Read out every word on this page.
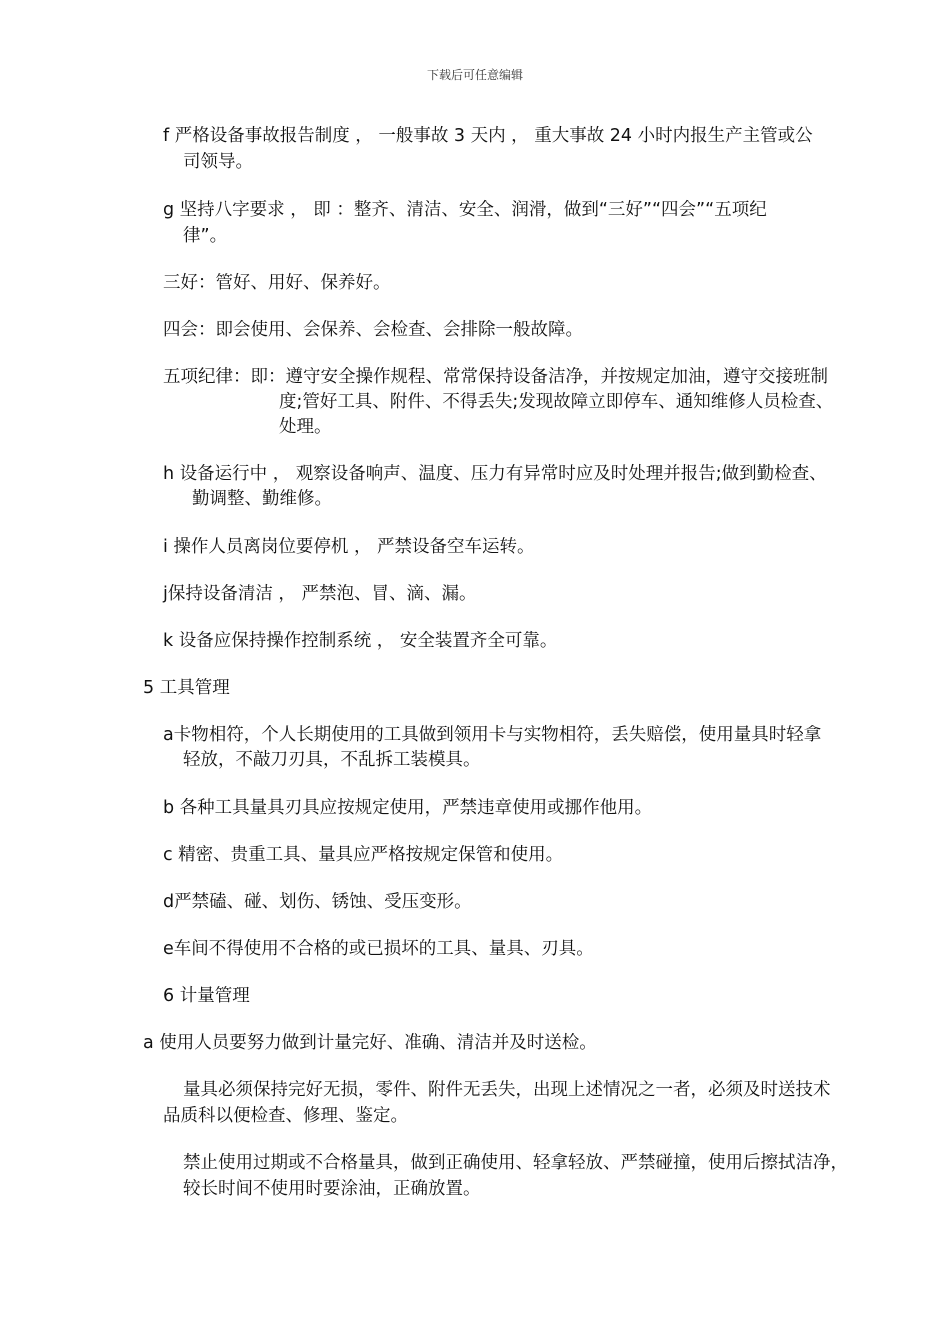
下载后可任意编辑
f 严格设备事故报告制度 ， 一般事故 3 天内 ， 重大事故 24 小时内报生产主管或公
司领导。
g 坚持八字要求 ， 即 ：整齐、清洁、安全、润滑，做到“三好”“四会”“五项纪
律”。
三好：管好、用好、保养好。
四会：即会使用、会保养、会检查、会排除一般故障。
五项纪律：即：遵守安全操作规程、常常保持设备洁净，并按规定加油，遵守交接班制
度;管好工具、附件、不得丢失;发现故障立即停车、通知维修人员检查、
处理。
h 设备运行中 ， 观察设备响声、温度、压力有异常时应及时处理并报告;做到勤检查、
勤调整、勤维修。
i 操作人员离岗位要停机 ， 严禁设备空车运转。
j保持设备清洁 ， 严禁泡、冒、滴、漏。
k 设备应保持操作控制系统 ， 安全装置齐全可靠。
5 工具管理
a卡物相符，个人长期使用的工具做到领用卡与实物相符，丢失赔偿，使用量具时轻拿
轻放，不敲刀刃具，不乱拆工装模具。
b 各种工具量具刃具应按规定使用，严禁违章使用或挪作他用。
c 精密、贵重工具、量具应严格按规定保管和使用。
d严禁磕、碰、划伤、锈蚀、受压变形。
e车间不得使用不合格的或已损坏的工具、量具、刃具。
6 计量管理
a 使用人员要努力做到计量完好、准确、清洁并及时送检。
量具必须保持完好无损，零件、附件无丢失，出现上述情况之一者，必须及时送技术
品质科以便检查、修理、鉴定。
禁止使用过期或不合格量具，做到正确使用、轻拿轻放、严禁碰撞，使用后擦拭洁净，
较长时间不使用时要涂油，正确放置。
